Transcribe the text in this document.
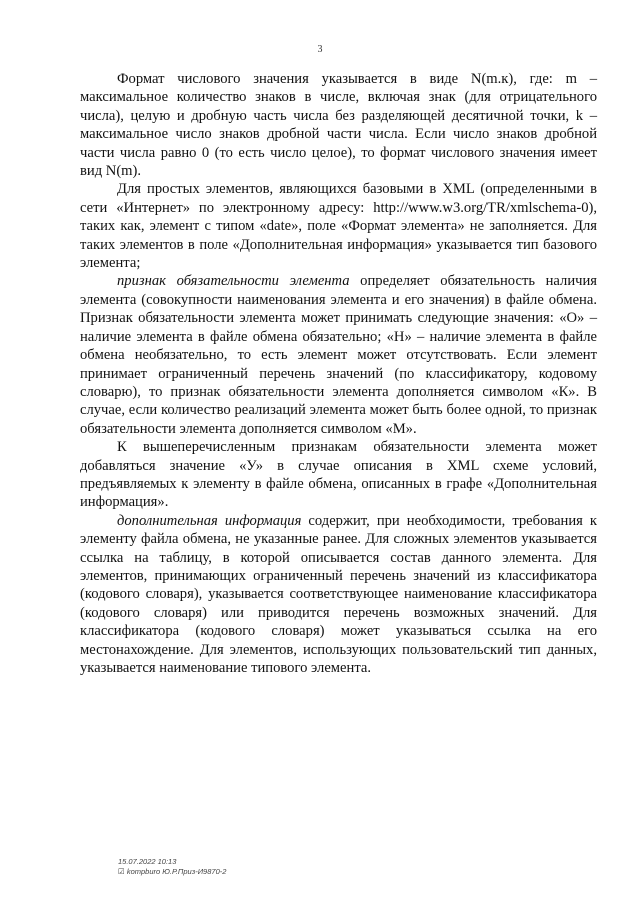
3

Формат числового значения указывается в виде N(m.к), где: m – максимальное количество знаков в числе, включая знак (для отрицательного числа), целую и дробную часть числа без разделяющей десятичной точки, k – максимальное число знаков дробной части числа. Если число знаков дробной части числа равно 0 (то есть число целое), то формат числового значения имеет вид N(m).

Для простых элементов, являющихся базовыми в XML (определенными в сети «Интернет» по электронному адресу: http://www.w3.org/TR/xmlschema-0), таких как, элемент с типом «date», поле «Формат элемента» не заполняется. Для таких элементов в поле «Дополнительная информация» указывается тип базового элемента;

признак обязательности элемента определяет обязательность наличия элемента (совокупности наименования элемента и его значения) в файле обмена. Признак обязательности элемента может принимать следующие значения: «О» – наличие элемента в файле обмена обязательно; «Н» – наличие элемента в файле обмена необязательно, то есть элемент может отсутствовать. Если элемент принимает ограниченный перечень значений (по классификатору, кодовому словарю), то признак обязательности элемента дополняется символом «К». В случае, если количество реализаций элемента может быть более одной, то признак обязательности элемента дополняется символом «М».

К вышеперечисленным признакам обязательности элемента может добавляться значение «У» в случае описания в XML схеме условий, предъявляемых к элементу в файле обмена, описанных в графе «Дополнительная информация».

дополнительная информация содержит, при необходимости, требования к элементу файла обмена, не указанные ранее. Для сложных элементов указывается ссылка на таблицу, в которой описывается состав данного элемента. Для элементов, принимающих ограниченный перечень значений из классификатора (кодового словаря), указывается соответствующее наименование классификатора (кодового словаря) или приводится перечень возможных значений. Для классификатора (кодового словаря) может указываться ссылка на его местонахождение. Для элементов, использующих пользовательский тип данных, указывается наименование типового элемента.

15.07.2022 10:13
☑ kompburo Ю.Р.Приз-И9870-2
